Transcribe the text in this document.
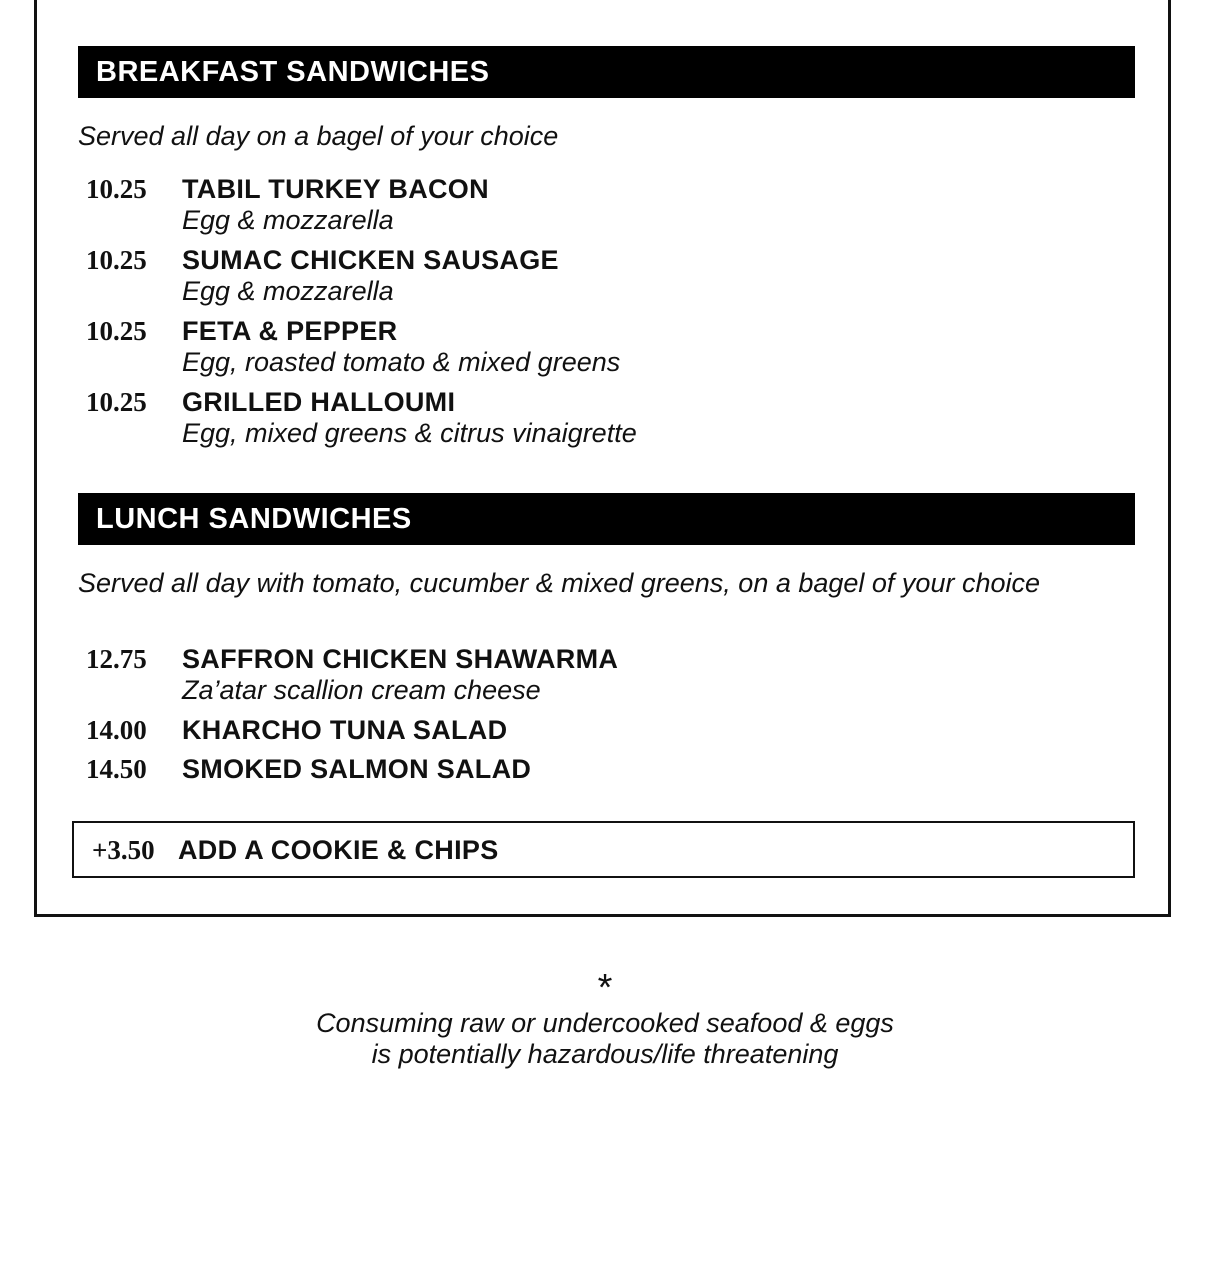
BREAKFAST SANDWICHES
Served all day on a bagel of your choice
10.25 TABIL TURKEY BACON
Egg & mozzarella
10.25 SUMAC CHICKEN SAUSAGE
Egg & mozzarella
10.25 FETA & PEPPER
Egg, roasted tomato & mixed greens
10.25 GRILLED HALLOUMI
Egg, mixed greens & citrus vinaigrette
LUNCH SANDWICHES
Served all day with tomato, cucumber & mixed greens, on a bagel of your choice
12.75 SAFFRON CHICKEN SHAWARMA
Za’atar scallion cream cheese
14.00 KHARCHO TUNA SALAD
14.50 SMOKED SALMON SALAD
+3.50 ADD A COOKIE & CHIPS
*
Consuming raw or undercooked seafood & eggs
is potentially hazardous/life threatening
